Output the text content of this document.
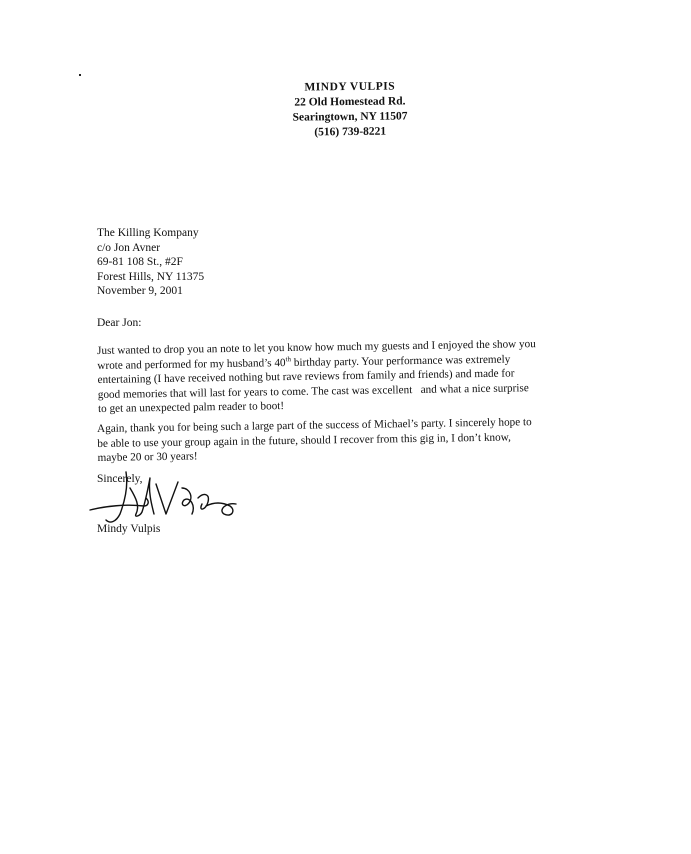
MINDY VULPIS
22 Old Homestead Rd.
Searingtown, NY 11507
(516) 739-8221
The Killing Kompany
c/o Jon Avner
69-81 108 St., #2F
Forest Hills, NY 11375
November 9, 2001
Dear Jon:
Just wanted to drop you an note to let you know how much my guests and I enjoyed the show you
wrote and performed for my husband’s 40th birthday party. Your performance was extremely
entertaining (I have received nothing but rave reviews from family and friends) and made for
good memories that will last for years to come. The cast was excellent   and what a nice surprise
to get an unexpected palm reader to boot!
Again, thank you for being such a large part of the success of Michael’s party. I sincerely hope to
be able to use your group again in the future, should I recover from this gig in, I don’t know,
maybe 20 or 30 years!
Sincerely,
Mindy Vulpis
